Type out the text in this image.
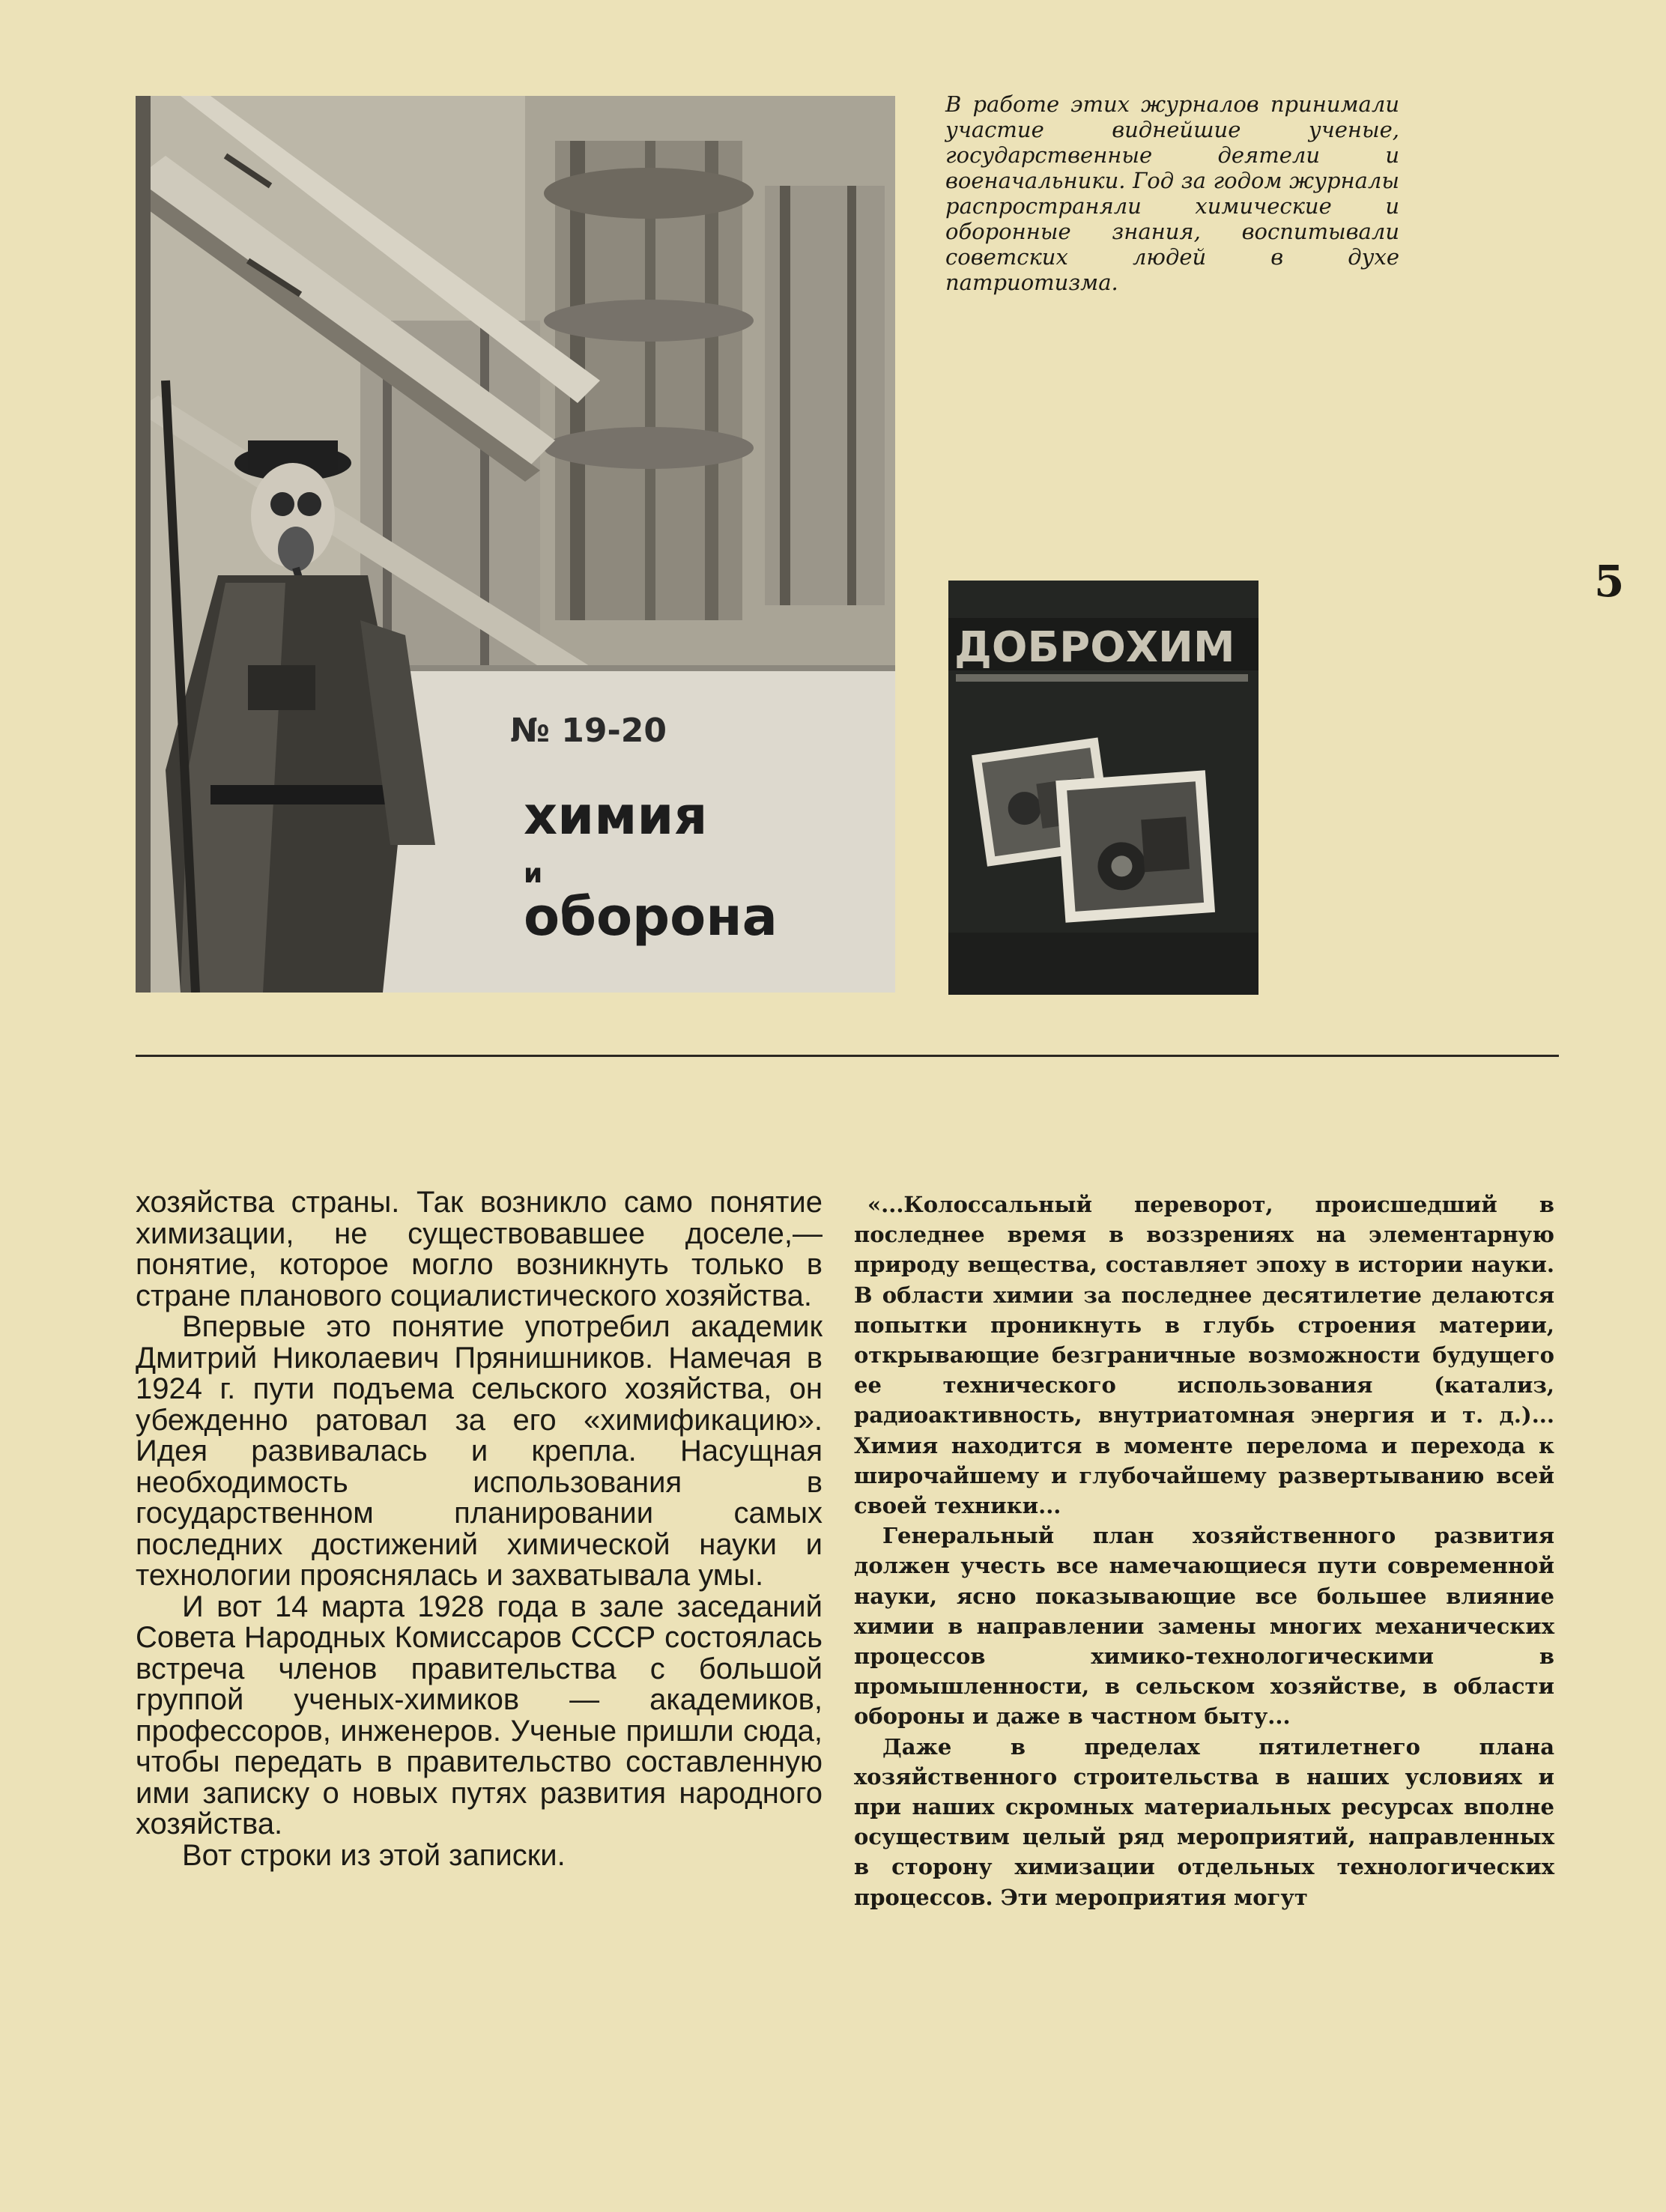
№ 19-20
химия
и
оборона
ДОБРОХИМ
В работе этих журналов принимали участие виднейшие ученые, государственные деятели и военачальники. Год за годом журналы распространяли химические и оборонные знания, воспитывали советских людей в духе патриотизма.
5

хозяйства страны. Так возникло само понятие химизации, не существовавшее доселе,— понятие, которое могло возникнуть только в стране планового социалистического хозяйства.

Впервые это понятие употребил академик Дмитрий Николаевич Прянишников. Намечая в 1924 г. пути подъема сельского хозяйства, он убежденно ратовал за его «химификацию». Идея развивалась и крепла. Насущная необходимость использования в государственном планировании самых последних достижений химической науки и технологии прояснялась и захватывала умы.

И вот 14 марта 1928 года в зале заседаний Совета Народных Комиссаров СССР состоялась встреча членов правительства с большой группой ученых-химиков — академиков, профессоров, инженеров. Ученые пришли сюда, чтобы передать в правительство составленную ими записку о новых путях развития народного хозяйства.

Вот строки из этой записки.

«...Колоссальный переворот, происшедший в последнее время в воззрениях на элементарную природу вещества, составляет эпоху в истории науки. В области химии за последнее десятилетие делаются попытки проникнуть в глубь строения материи, открывающие безграничные возможности будущего ее технического использования (катализ, радиоактивность, внутриатомная энергия и т. д.)... Химия находится в моменте перелома и перехода к широчайшему и глубочайшему развертыванию всей своей техники...

Генеральный план хозяйственного развития должен учесть все намечающиеся пути современной науки, ясно показывающие все большее влияние химии в направлении замены многих механических процессов химико-технологическими в промышленности, в сельском хозяйстве, в области обороны и даже в частном быту...

Даже в пределах пятилетнего плана хозяйственного строительства в наших условиях и при наших скромных материальных ресурсах вполне осуществим целый ряд мероприятий, направленных в сторону химизации отдельных технологических процессов. Эти мероприятия могут
